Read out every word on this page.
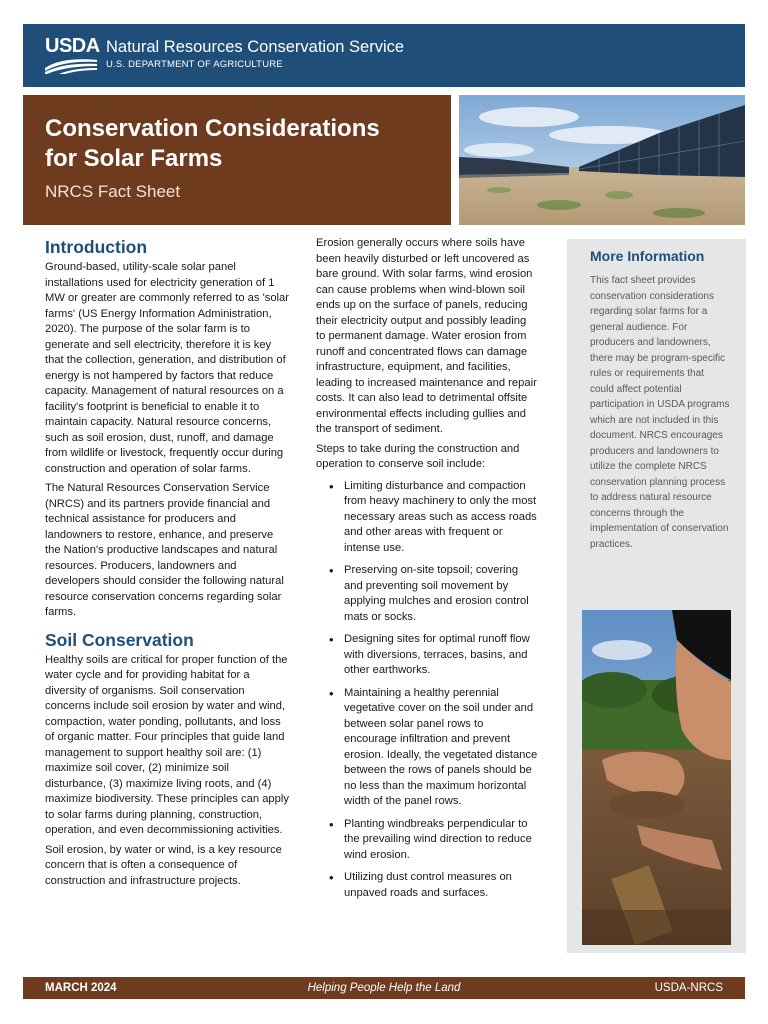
USDA Natural Resources Conservation Service
U.S. DEPARTMENT OF AGRICULTURE
Conservation Considerations
for Solar Farms
NRCS Fact Sheet
Introduction

Ground-based, utility-scale solar panel installations used for electricity generation of 1 MW or greater are commonly referred to as 'solar farms' (US Energy Information Administration, 2020). The purpose of the solar farm is to generate and sell electricity, therefore it is key that the collection, generation, and distribution of energy is not hampered by factors that reduce capacity. Management of natural resources on a facility's footprint is beneficial to enable it to maintain capacity. Natural resource concerns, such as soil erosion, dust, runoff, and damage from wildlife or livestock, frequently occur during construction and operation of solar farms.

The Natural Resources Conservation Service (NRCS) and its partners provide financial and technical assistance for producers and landowners to restore, enhance, and preserve the Nation's productive landscapes and natural resources. Producers, landowners and developers should consider the following natural resource conservation concerns regarding solar farms.

Soil Conservation

Healthy soils are critical for proper function of the water cycle and for providing habitat for a diversity of organisms. Soil conservation concerns include soil erosion by water and wind, compaction, water ponding, pollutants, and loss of organic matter. Four principles that guide land management to support healthy soil are: (1) maximize soil cover, (2) minimize soil disturbance, (3) maximize living roots, and (4) maximize biodiversity. These principles can apply to solar farms during planning, construction, operation, and even decommissioning activities.

Soil erosion, by water or wind, is a key resource concern that is often a consequence of construction and infrastructure projects.

Erosion generally occurs where soils have been heavily disturbed or left uncovered as bare ground. With solar farms, wind erosion can cause problems when wind-blown soil ends up on the surface of panels, reducing their electricity output and possibly leading to permanent damage. Water erosion from runoff and concentrated flows can damage infrastructure, equipment, and facilities, leading to increased maintenance and repair costs. It can also lead to detrimental offsite environmental effects including gullies and the transport of sediment.

Steps to take during the construction and operation to conserve soil include:

• Limiting disturbance and compaction from heavy machinery to only the most necessary areas such as access roads and other areas with frequent or intense use.
• Preserving on-site topsoil; covering and preventing soil movement by applying mulches and erosion control mats or socks.
• Designing sites for optimal runoff flow with diversions, terraces, basins, and other earthworks.
• Maintaining a healthy perennial vegetative cover on the soil under and between solar panel rows to encourage infiltration and prevent erosion. Ideally, the vegetated distance between the rows of panels should be no less than the maximum horizontal width of the panel rows.
• Planting windbreaks perpendicular to the prevailing wind direction to reduce wind erosion.
• Utilizing dust control measures on unpaved roads and surfaces.
More Information
This fact sheet provides conservation considerations regarding solar farms for a general audience. For producers and landowners, there may be program-specific rules or requirements that could affect potential participation in USDA programs which are not included in this document. NRCS encourages producers and landowners to utilize the complete NRCS conservation planning process to address natural resource concerns through the implementation of conservation practices.
MARCH 2024	Helping People Help the Land	USDA-NRCS
